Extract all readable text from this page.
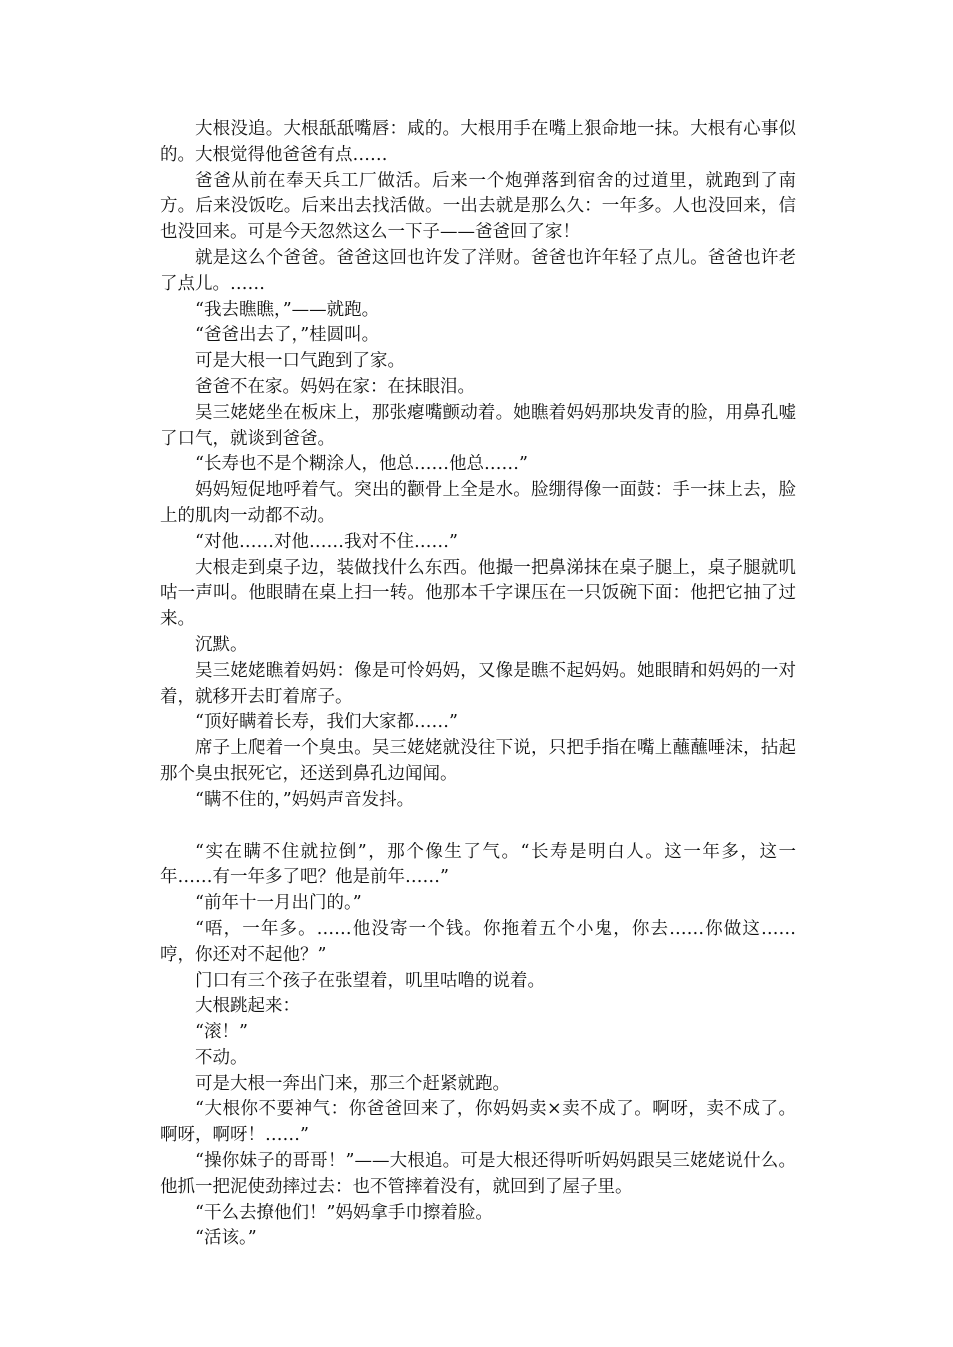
大根没追。大根舐舐嘴唇：咸的。大根用手在嘴上狠命地一抹。大根有心事似的。大根觉得他爸爸有点……

爸爸从前在奉天兵工厂做活。后来一个炮弹落到宿舍的过道里，就跑到了南方。后来没饭吃。后来出去找活做。一出去就是那么久：一年多。人也没回来，信也没回来。可是今天忽然这么一下子——爸爸回了家！

就是这么个爸爸。爸爸这回也许发了洋财。爸爸也许年轻了点儿。爸爸也许老了点儿。……

“我去瞧瞧，”——就跑。

“爸爸出去了，”桂圆叫。

可是大根一口气跑到了家。

爸爸不在家。妈妈在家：在抹眼泪。

吴三姥姥坐在板床上，那张瘪嘴颤动着。她瞧着妈妈那块发青的脸，用鼻孔嘘了口气，就谈到爸爸。

“长寿也不是个糊涂人，他总……他总……”

妈妈短促地呼着气。突出的颧骨上全是水。脸绷得像一面鼓：手一抹上去，脸上的肌肉一动都不动。

“对他……对他……我对不住……”

大根走到桌子边，装做找什么东西。他撮一把鼻涕抹在桌子腿上，桌子腿就叽咕一声叫。他眼睛在桌上扫一转。他那本千字课压在一只饭碗下面：他把它抽了过来。

沉默。

吴三姥姥瞧着妈妈：像是可怜妈妈，又像是瞧不起妈妈。她眼睛和妈妈的一对着，就移开去盯着席子。

“顶好瞒着长寿，我们大家都……”

席子上爬着一个臭虫。吴三姥姥就没往下说，只把手指在嘴上蘸蘸唾沫，拈起那个臭虫抿死它，还送到鼻孔边闻闻。

“瞒不住的，”妈妈声音发抖。

“实在瞒不住就拉倒”，那个像生了气。“长寿是明白人。这一年多，这一年……有一年多了吧？他是前年……”

“前年十一月出门的。”

“唔，一年多。……他没寄一个钱。你拖着五个小鬼，你去……你做这……哼，你还对不起他？”

门口有三个孩子在张望着，叽里咕噜的说着。

大根跳起来：

“滚！”

不动。

可是大根一奔出门来，那三个赶紧就跑。

“大根你不要神气：你爸爸回来了，你妈妈卖×卖不成了。啊呀，卖不成了。啊呀，啊呀！……”

“操你妹子的哥哥！”——大根追。可是大根还得听听妈妈跟吴三姥姥说什么。他抓一把泥使劲摔过去：也不管摔着没有，就回到了屋子里。

“干么去撩他们！”妈妈拿手巾擦着脸。

“活该。”
